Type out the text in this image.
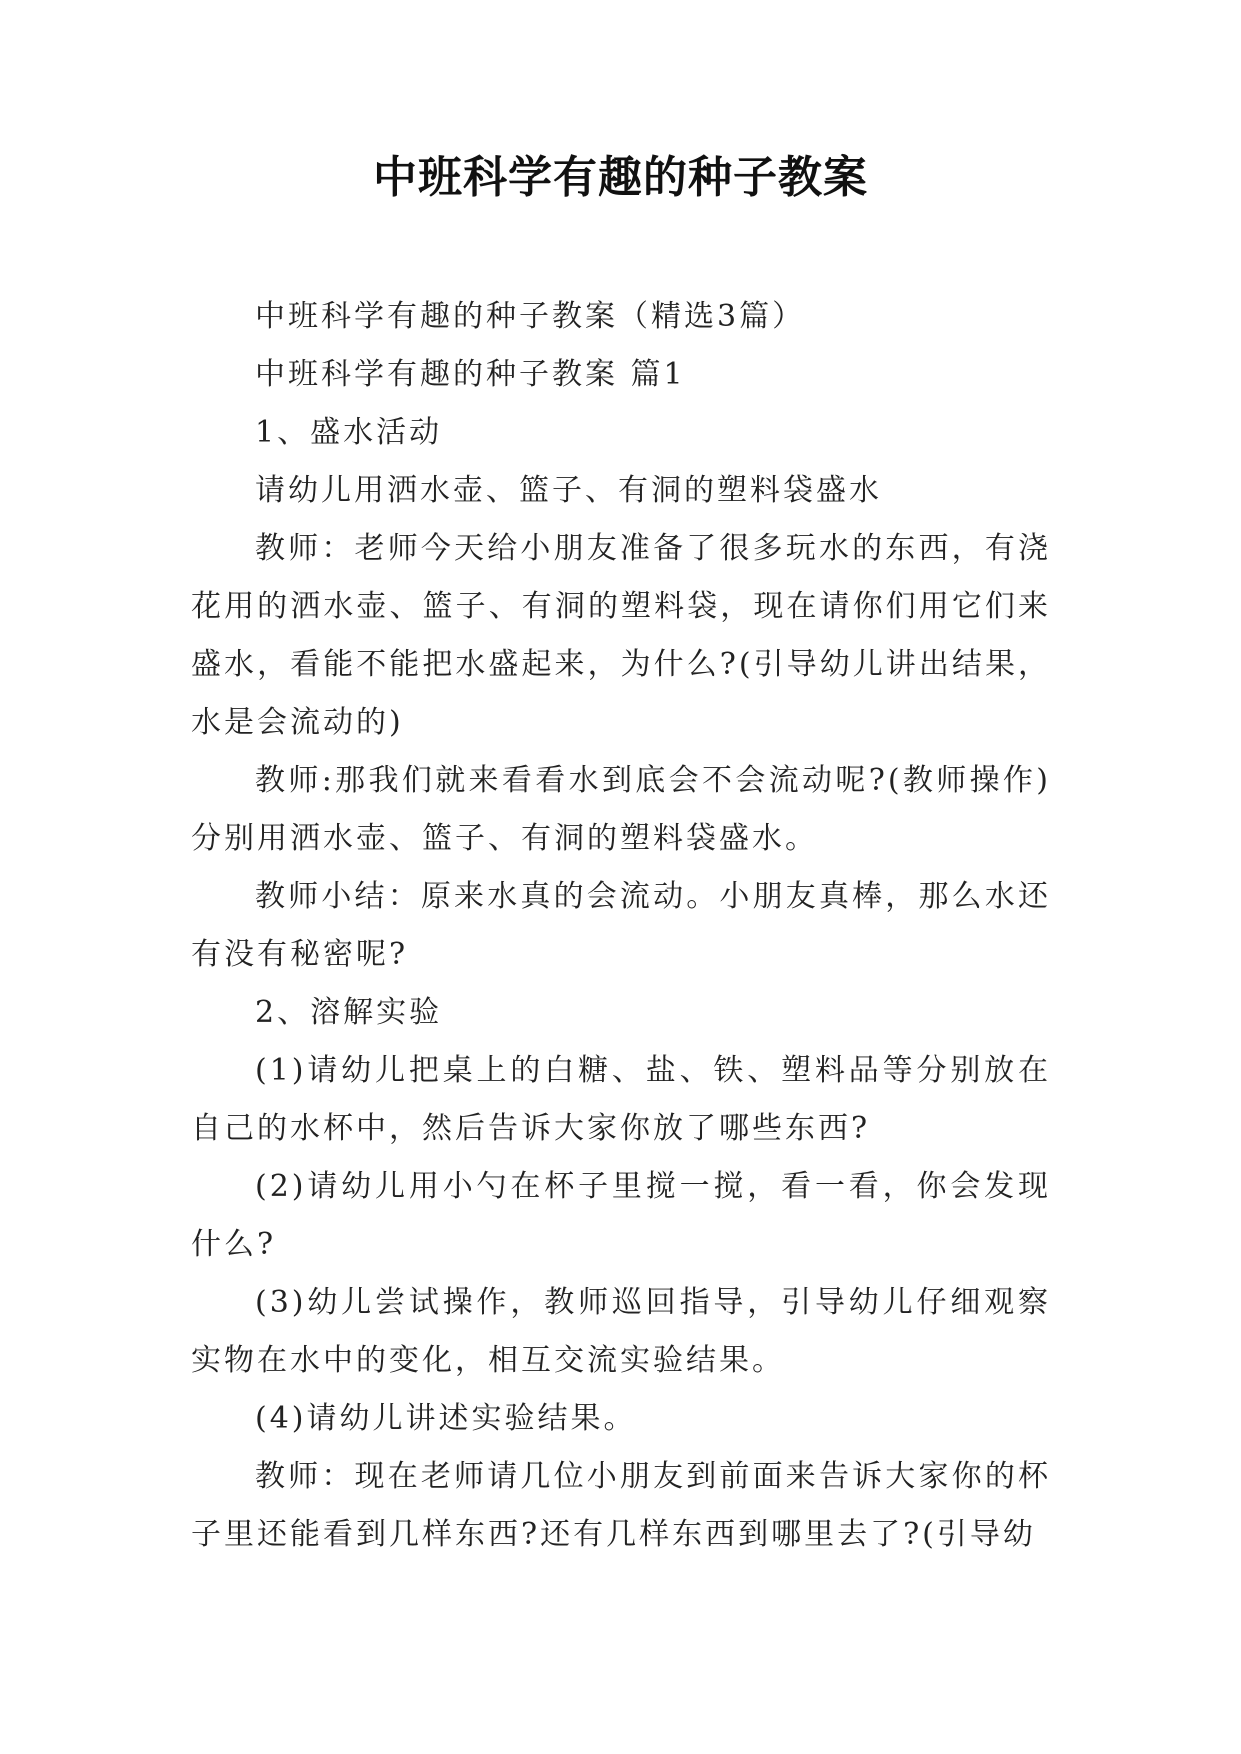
中班科学有趣的种子教案

中班科学有趣的种子教案（精选3篇）

中班科学有趣的种子教案 篇1

1、盛水活动

请幼儿用洒水壶、篮子、有洞的塑料袋盛水

教师：老师今天给小朋友准备了很多玩水的东西，有浇花用的洒水壶、篮子、有洞的塑料袋，现在请你们用它们来盛水，看能不能把水盛起来，为什么?(引导幼儿讲出结果，水是会流动的)

教师:那我们就来看看水到底会不会流动呢?(教师操作)分别用洒水壶、篮子、有洞的塑料袋盛水。

教师小结：原来水真的会流动。小朋友真棒，那么水还有没有秘密呢?

2、溶解实验

(1)请幼儿把桌上的白糖、盐、铁、塑料品等分别放在自己的水杯中，然后告诉大家你放了哪些东西?

(2)请幼儿用小勺在杯子里搅一搅，看一看，你会发现什么?

(3)幼儿尝试操作，教师巡回指导，引导幼儿仔细观察实物在水中的变化，相互交流实验结果。

(4)请幼儿讲述实验结果。

教师：现在老师请几位小朋友到前面来告诉大家你的杯子里还能看到几样东西?还有几样东西到哪里去了?(引导幼
